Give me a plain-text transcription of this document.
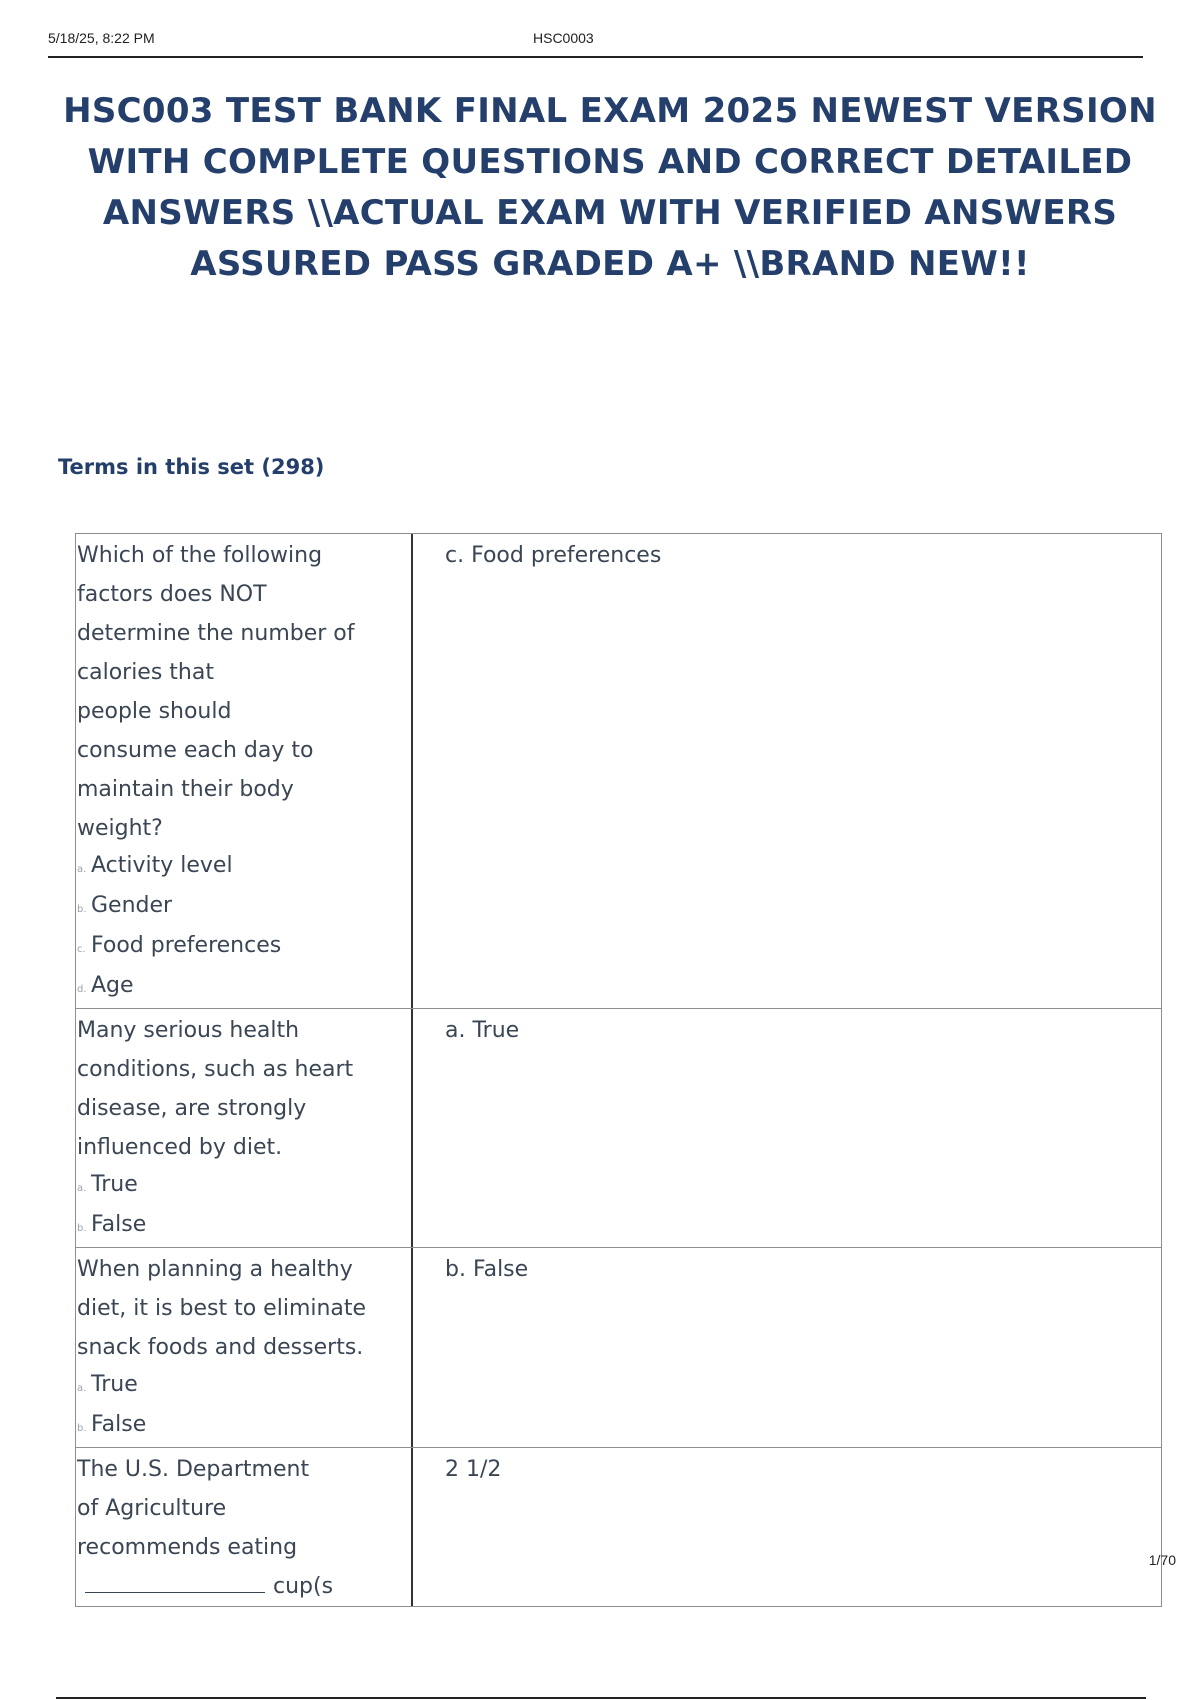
5/18/25, 8:22 PM	HSC0003
HSC003 TEST BANK FINAL EXAM 2025 NEWEST VERSION
WITH COMPLETE QUESTIONS AND CORRECT DETAILED
ANSWERS \\ACTUAL EXAM WITH VERIFIED ANSWERS
ASSURED PASS GRADED A+ \\BRAND NEW!!
Terms in this set (298)
Which of the following
factors does NOT
determine the number of
calories that
people should
consume each day to
maintain their body
weight?
a. Activity level
b. Gender
c. Food preferences
d. Age
c. Food preferences
Many serious health
conditions, such as heart
disease, are strongly
influenced by diet.
a. True
b. False
a. True
When planning a healthy
diet, it is best to eliminate
snack foods and desserts.
a. True
b. False
b. False
The U.S. Department
of Agriculture
recommends eating
cup(s
2 1/2
1/70
